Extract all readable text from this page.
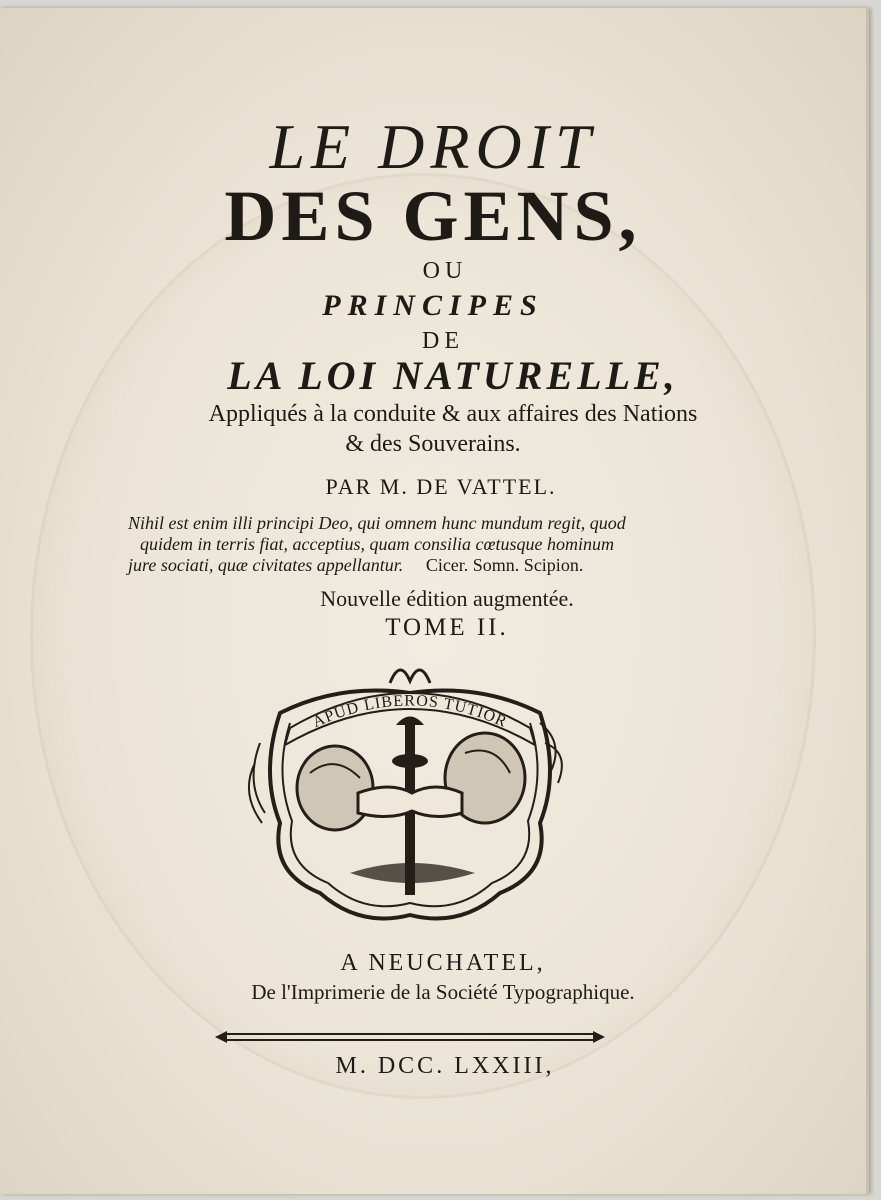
LE DROIT
DES GENS,
OU
PRINCIPES
DE
LA LOI NATURELLE,
Appliqués à la conduite & aux affaires des Nations
& des Souverains.
PAR M. DE VATTEL.
Nihil est enim illi principi Deo, qui omnem hunc mundum regit, quod
quidem in terris fiat, acceptius, quam consilia cœtusque hominum
jure sociati, quæ civitates appellantur. Cicer. Somn. Scipion.
Nouvelle édition augmentée.
TOME II.
APUD LIBEROS TUTIOR
A NEUCHATEL,
De l'Imprimerie de la Société Typographique.
M. DCC. LXXIII,
